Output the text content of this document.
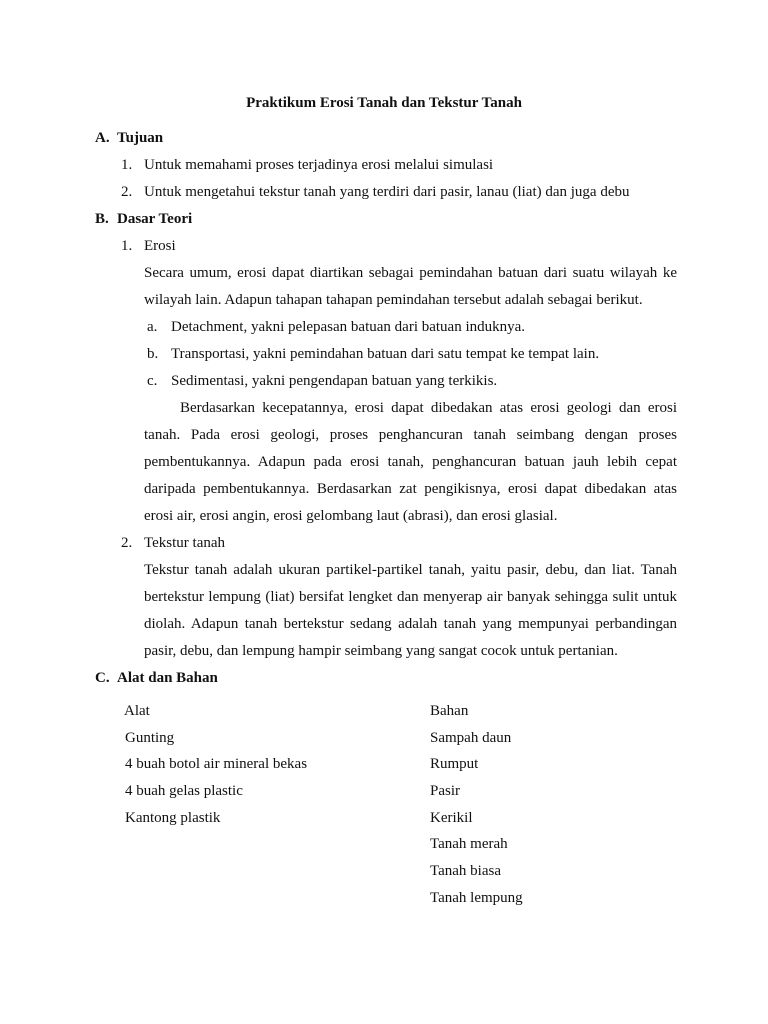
Praktikum Erosi Tanah dan Tekstur Tanah
A. Tujuan
1. Untuk memahami proses terjadinya erosi melalui simulasi
2. Untuk mengetahui tekstur tanah yang terdiri dari pasir, lanau (liat) dan juga debu
B. Dasar Teori
1. Erosi
Secara umum, erosi dapat diartikan sebagai pemindahan batuan dari suatu wilayah ke
wilayah lain. Adapun tahapan tahapan pemindahan tersebut adalah sebagai berikut.
a. Detachment, yakni pelepasan batuan dari batuan induknya.
b. Transportasi, yakni pemindahan batuan dari satu tempat ke tempat lain.
c. Sedimentasi, yakni pengendapan batuan yang terkikis.
Berdasarkan kecepatannya, erosi dapat dibedakan atas erosi geologi dan erosi
tanah. Pada erosi geologi, proses penghancuran tanah seimbang dengan proses
pembentukannya. Adapun pada erosi tanah, penghancuran batuan jauh lebih cepat
daripada pembentukannya. Berdasarkan zat pengikisnya, erosi dapat dibedakan atas
erosi air, erosi angin, erosi gelombang laut (abrasi), dan erosi glasial.
2. Tekstur tanah
Tekstur tanah adalah ukuran partikel-partikel tanah, yaitu pasir, debu, dan liat. Tanah
bertekstur lempung (liat) bersifat lengket dan menyerap air banyak sehingga sulit untuk
diolah. Adapun tanah bertekstur sedang adalah tanah yang mempunyai perbandingan
pasir, debu, dan lempung hampir seimbang yang sangat cocok untuk pertanian.
C. Alat dan Bahan
Alat
Gunting
4 buah botol air mineral bekas
4 buah gelas plastic
Kantong plastik
Bahan
Sampah daun
Rumput
Pasir
Kerikil
Tanah merah
Tanah biasa
Tanah lempung
